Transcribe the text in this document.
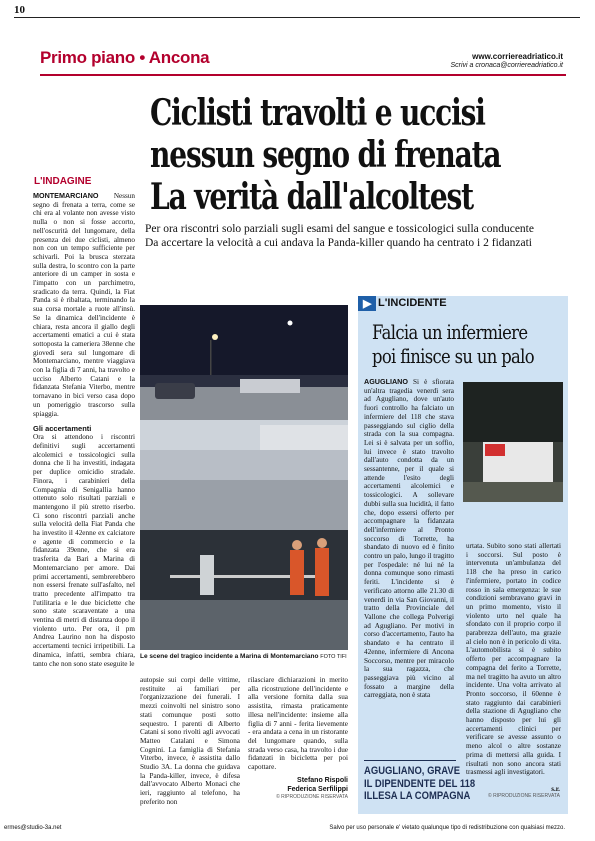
10
Primo piano • Ancona	www.corriereadriatico.it
Scrivi a cronaca@corriereadriatico.it
Ciclisti travolti e uccisi
nessun segno di frenata
La verità dall'alcoltest
Per ora riscontri solo parziali sugli esami del sangue e tossicologici sulla conducente
Da accertare la velocità a cui andava la Panda-killer quando ha centrato i 2 fidanzati
L'INDAGINE
MONTEMARCIANO Nessun segno di frenata a terra, come se chi era al volante non avesse visto nulla o non si fosse accorto, nell'oscurità del lungomare, della presenza dei due ciclisti, almeno non con un tempo sufficiente per schivarli. Poi la brusca sterzata sulla destra, lo scontro con la parte anteriore di un camper in sosta e l'impatto con un parchimetro, sradicato da terra. Quindi, la Fiat Panda si è ribaltata, terminando la sua corsa mortale a ruote all'insù. Se la dinamica dell'incidente è chiara, resta ancora il giallo degli accertamenti ematici a cui è stata sottoposta la cameriera 38enne che giovedì sera sul lungomare di Montemarciano, mentre viaggiava con la figlia di 7 anni, ha travolto e ucciso Alberto Catani e la fidanzata Stefania Viterbo, mentre tornavano in bici verso casa dopo un pomeriggio trascorso sulla spiaggia.
Gli accertamenti
Ora si attendono i riscontri definitivi sugli accertamenti alcolemici e tossicologici sulla donna che li ha investiti, indagata per duplice omicidio stradale. Finora, i carabinieri della Compagnia di Senigallia hanno ottenuto solo risultati parziali e mantengono il più stretto riserbo. Ci sono riscontri parziali anche sulla velocità della Fiat Panda che ha investito il 42enne ex calciatore e agente di commercio e la fidanzata 39enne, che si era trasferita da Bari a Marina di Montemarciano per amore. Dai primi accertamenti, sembrerebbero non essersi frenate sull'asfalto, nel tratto precedente all'impatto tra l'utilitaria e le due biciclette che sono state scaraventate a una ventina di metri di distanza dopo il violento urto. Per ora, il pm Andrea Laurino non ha disposto accertamenti tecnici irripetibili. La dinamica, infatti, sembra chiara, tanto che non sono state eseguite le
Le scene del tragico incidente a Marina di Montemarciano FOTO TIFI
autopsie sui corpi delle vittime, restituite ai familiari per l'organizzazione dei funerali. I mezzi coinvolti nel sinistro sono stati comunque posti sotto sequestro. I parenti di Alberto Catani si sono rivolti agli avvocati Matteo Catalani e Simona Cognini. La famiglia di Stefania Viterbo, invece, è assistita dallo Studio 3A. La donna che guidava la Panda-killer, invece, è difesa dall'avvocato Alberto Monaci che ieri, raggiunto al telefono, ha preferito non
rilasciare dichiarazioni in merito alla ricostruzione dell'incidente e alla versione fornita dalla sua assistita, rimasta praticamente illesa nell'incidente: insieme alla figlia di 7 anni - ferita lievemente - era andata a cena in un ristorante del lungomare quando, sulla strada verso casa, ha travolto i due fidanzati in bicicletta per poi capottare.
Stefano Rispoli
Federica Serfilippi
© RIPRODUZIONE RISERVATA
▶ L'INCIDENTE
Falcia un infermiere
poi finisce su un palo
AGUGLIANO Si è sfiorata un'altra tragedia venerdì sera ad Agugliano, dove un'auto fuori controllo ha falciato un infermiere del 118 che stava passeggiando sul ciglio della strada con la sua compagna. Lei si è salvata per un soffio, lui invece è stato travolto dall'auto condotta da un sessantenne, per il quale si attende l'esito degli accertamenti alcolemici e tossicologici. A sollevare dubbi sulla sua lucidità, il fatto che, dopo essersi offerto per accompagnare la fidanzata dell'infermiere al Pronto soccorso di Torrette, ha sbandato di nuovo ed è finito contro un palo, lungo il tragitto per l'ospedale: né lui né la donna comunque sono rimasti feriti. L'incidente si è verificato attorno alle 21.30 di venerdì in via San Giovanni, il tratto della Provinciale del Vallone che collega Polverigi ad Agugliano. Per motivi in corso d'accertamento, l'auto ha sbandato e ha centrato il 42enne, infermiere di Ancona Soccorso, mentre per miracolo la sua ragazza, che passeggiava più vicino al fossato a margine della carreggiata, non è stata
urtata. Subito sono stati allertati i soccorsi. Sul posto è intervenuta un'ambulanza del 118 che ha preso in carico l'infermiere, portato in codice rosso in sala emergenza: le sue condizioni sembravano gravi in un primo momento, visto il violento urto nel quale ha sfondato con il proprio corpo il parabrezza dell'auto, ma grazie al cielo non è in pericolo di vita. L'automobilista si è subito offerto per accompagnare la compagna del ferito a Torrette, ma nel tragitto ha avuto un altro incidente. Una volta arrivato al Pronto soccorso, il 60enne è stato raggiunto dai carabinieri della stazione di Agugliano che hanno disposto per lui gli accertamenti clinici per verificare se avesse assunto o meno alcol o altre sostanze prima di mettersi alla guida. I risultati non sono ancora stati trasmessi agli investigatori.
AGUGLIANO, GRAVE
IL DIPENDENTE DEL 118
ILLESA LA COMPAGNA
s.r.
© RIPRODUZIONE RISERVATA
ermes@studio-3a.net	Salvo per uso personale e' vietato qualunque tipo di redistribuzione con qualsiasi mezzo.
